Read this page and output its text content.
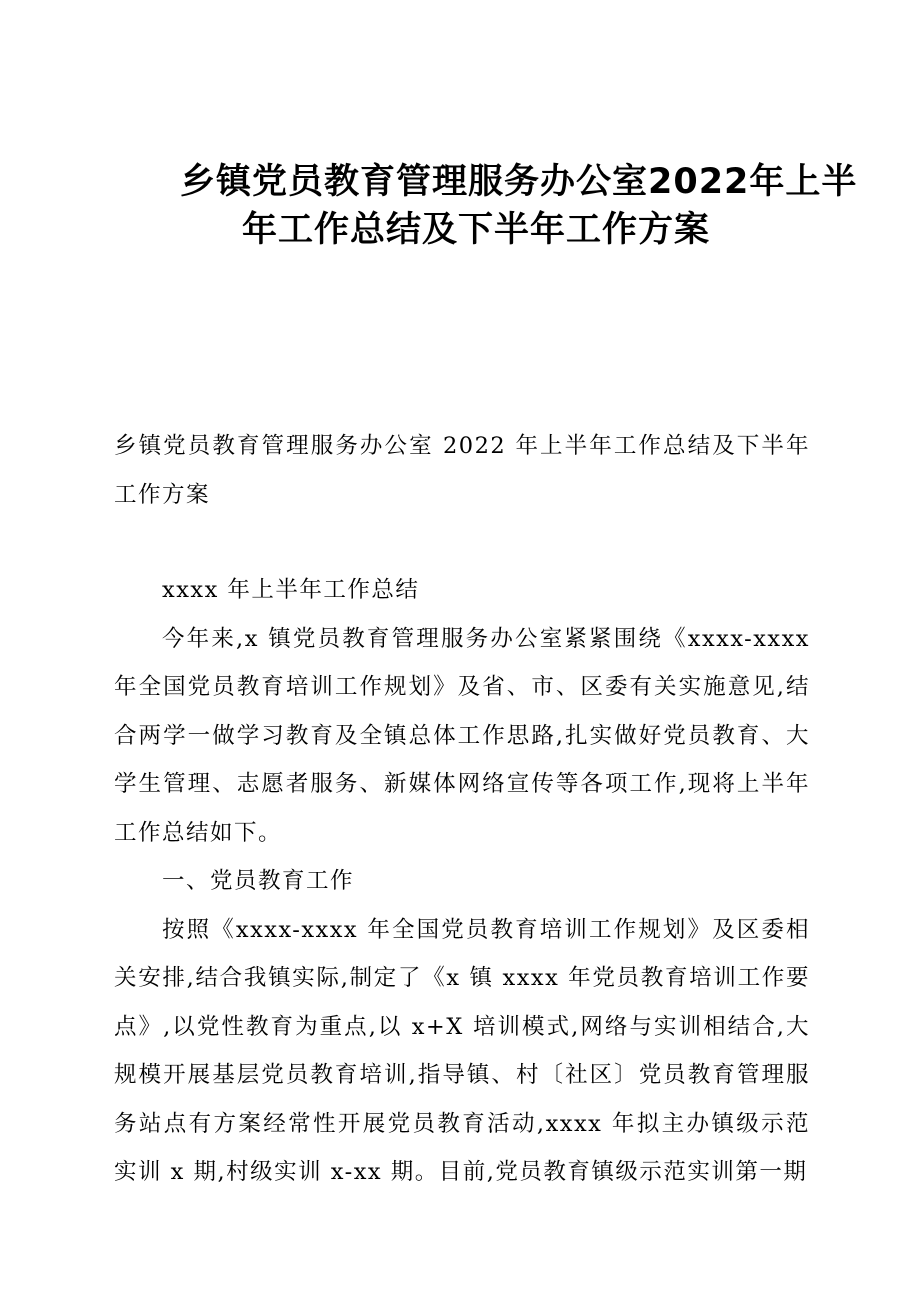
乡镇党员教育管理服务办公室2022年上半
年工作总结及下半年工作方案
乡镇党员教育管理服务办公室 2022 年上半年工作总结及下半年工作方案

xxxx 年上半年工作总结

今年来,x 镇党员教育管理服务办公室紧紧围绕《xxxx-xxxx 年全国党员教育培训工作规划》及省、市、区委有关实施意见,结合两学一做学习教育及全镇总体工作思路,扎实做好党员教育、大学生管理、志愿者服务、新媒体网络宣传等各项工作,现将上半年工作总结如下。

一、党员教育工作

按照《xxxx-xxxx 年全国党员教育培训工作规划》及区委相关安排,结合我镇实际,制定了《x 镇 xxxx 年党员教育培训工作要点》,以党性教育为重点,以 x+X 培训模式,网络与实训相结合,大规模开展基层党员教育培训,指导镇、村〔社区〕党员教育管理服务站点有方案经常性开展党员教育活动,xxxx 年拟主办镇级示范实训 x 期,村级实训 x-xx 期。目前,党员教育镇级示范实训第一期
